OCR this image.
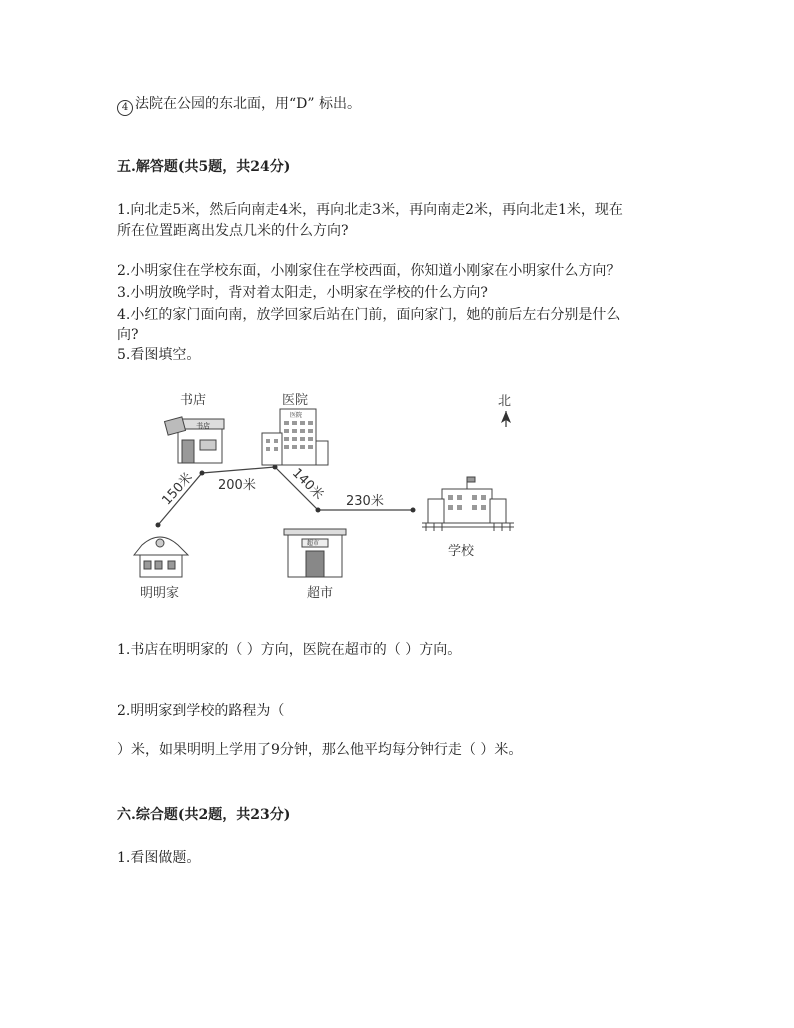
4 法院在公园的东北面，用“D” 标出。
五.解答题(共5题，共24分)
1.向北走5米，然后向南走4米，再向北走3米，再向南走2米，再向北走1米，现在
所在位置距离出发点几米的什么方向?
2.小明家住在学校东面，小刚家住在学校西面，你知道小刚家在小明家什么方向？
3.小明放晚学时，背对着太阳走，小明家在学校的什么方向?
4.小红的家门面向南，放学回家后站在门前，面向家门，她的前后左右分别是什么
向?
5.看图填空。
150米 200米	140米 230米
北
书店
书店
医院
医院
明明家
超市
超市
学校
1.书店在明明家的（ ）方向，医院在超市的（ ）方向。
2.明明家到学校的路程为（
）米，如果明明上学用了9分钟，那么他平均每分钟行走（ ）米。
六.综合题(共2题，共23分)
1.看图做题。
